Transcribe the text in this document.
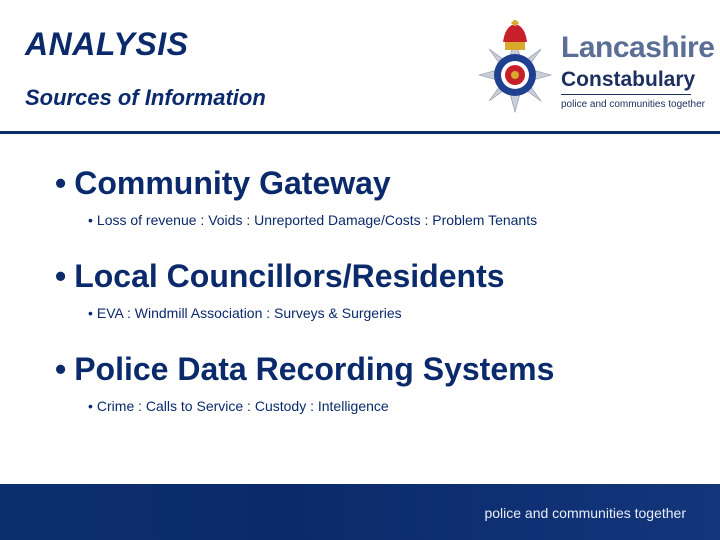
ANALYSIS
Sources of Information
Lancashire
Constabulary
police and communities together
• Community Gateway
• Loss of revenue : Voids : Unreported Damage/Costs : Problem Tenants
• Local Councillors/Residents
• EVA : Windmill Association : Surveys & Surgeries
• Police Data Recording Systems
• Crime : Calls to Service : Custody : Intelligence
police and communities together
